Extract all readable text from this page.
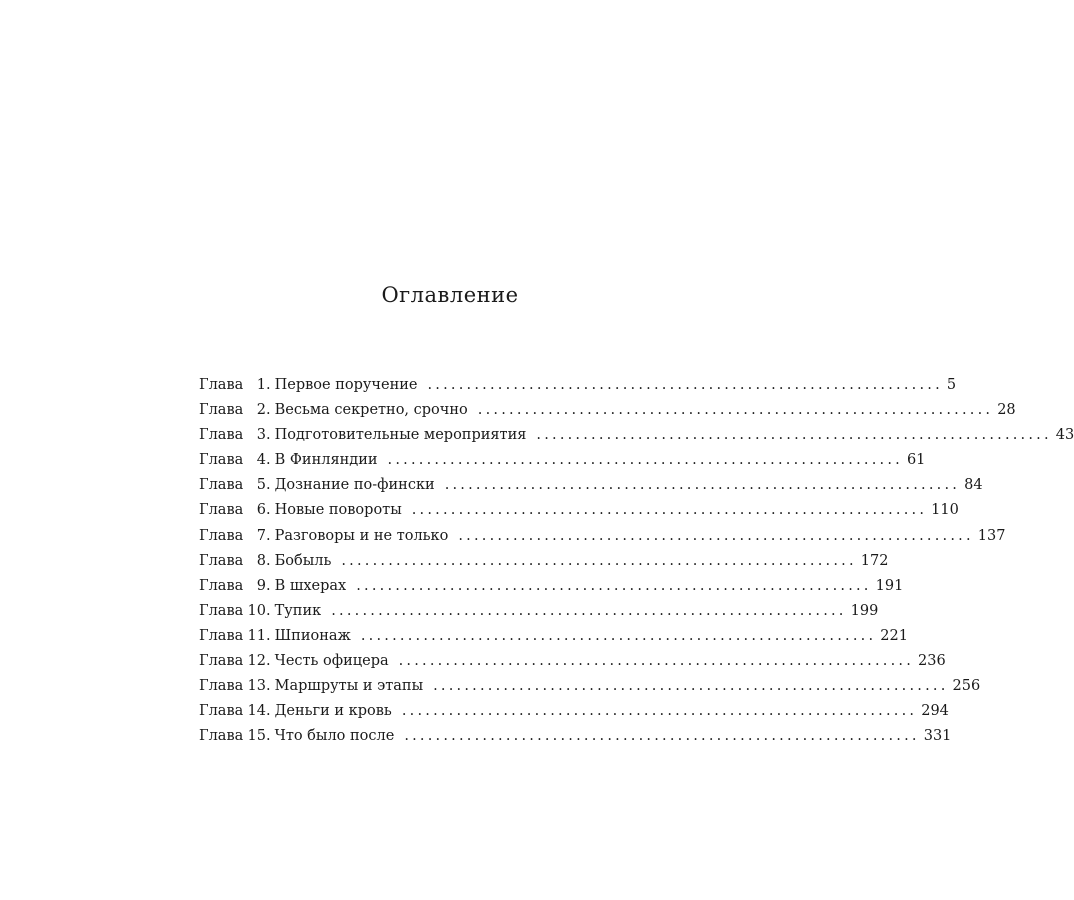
Оглавление
Глава 1 . Первое поручение .................................................................. 5
Глава 2 . Весьма секретно, срочно .................................................................. 28
Глава 3 . Подготовительные мероприятия .................................................................. 43
Глава 4 . В Финляндии .................................................................. 61
Глава 5 . Дознание по-фински .................................................................. 84
Глава 6 . Новые повороты .................................................................. 110
Глава 7 . Разговоры и не только .................................................................. 137
Глава 8 . Бобыль .................................................................. 172
Глава 9 . В шхерах .................................................................. 191
Глава 10 . Тупик .................................................................. 199
Глава 11 . Шпионаж .................................................................. 221
Глава 12 . Честь офицера .................................................................. 236
Глава 13 . Маршруты и этапы .................................................................. 256
Глава 14 . Деньги и кровь .................................................................. 294
Глава 15 . Что было после .................................................................. 331
